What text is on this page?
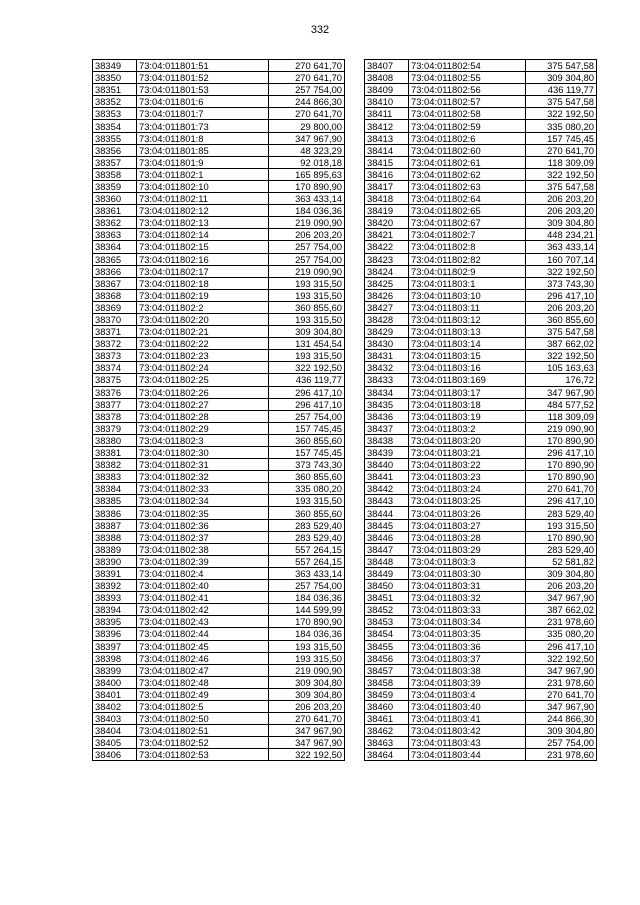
332
38349	73:04:011801:51	270 641,70
38350	73:04:011801:52	270 641,70
38351	73:04:011801:53	257 754,00
38352	73:04:011801:6	244 866,30
38353	73:04:011801:7	270 641,70
38354	73:04:011801:73	29 800,00
38355	73:04:011801:8	347 967,90
38356	73:04:011801:85	48 323,29
38357	73:04:011801:9	92 018,18
38358	73:04:011802:1	165 895,63
38359	73:04:011802:10	170 890,90
38360	73:04:011802:11	363 433,14
38361	73:04:011802:12	184 036,36
38362	73:04:011802:13	219 090,90
38363	73:04:011802:14	206 203,20
38364	73:04:011802:15	257 754,00
38365	73:04:011802:16	257 754,00
38366	73:04:011802:17	219 090,90
38367	73:04:011802:18	193 315,50
38368	73:04:011802:19	193 315,50
38369	73:04:011802:2	360 855,60
38370	73:04:011802:20	193 315,50
38371	73:04:011802:21	309 304,80
38372	73:04:011802:22	131 454,54
38373	73:04:011802:23	193 315,50
38374	73:04:011802:24	322 192,50
38375	73:04:011802:25	436 119,77
38376	73:04:011802:26	296 417,10
38377	73:04:011802:27	296 417,10
38378	73:04:011802:28	257 754,00
38379	73:04:011802:29	157 745,45
38380	73:04:011802:3	360 855,60
38381	73:04:011802:30	157 745,45
38382	73:04:011802:31	373 743,30
38383	73:04:011802:32	360 855,60
38384	73:04:011802:33	335 080,20
38385	73:04:011802:34	193 315,50
38386	73:04:011802:35	360 855,60
38387	73:04:011802:36	283 529,40
38388	73:04:011802:37	283 529,40
38389	73:04:011802:38	557 264,15
38390	73:04:011802:39	557 264,15
38391	73:04:011802:4	363 433,14
38392	73:04:011802:40	257 754,00
38393	73:04:011802:41	184 036,36
38394	73:04:011802:42	144 599,99
38395	73:04:011802:43	170 890,90
38396	73:04:011802:44	184 036,36
38397	73:04:011802:45	193 315,50
38398	73:04:011802:46	193 315,50
38399	73:04:011802:47	219 090,90
38400	73:04:011802:48	309 304,80
38401	73:04:011802:49	309 304,80
38402	73:04:011802:5	206 203,20
38403	73:04:011802:50	270 641,70
38404	73:04:011802:51	347 967,90
38405	73:04:011802:52	347 967,90
38406	73:04:011802:53	322 192,50
38407	73:04:011802:54	375 547,58
38408	73:04:011802:55	309 304,80
38409	73:04:011802:56	436 119,77
38410	73:04:011802:57	375 547,58
38411	73:04:011802:58	322 192,50
38412	73:04:011802:59	335 080,20
38413	73:04:011802:6	157 745,45
38414	73:04:011802:60	270 641,70
38415	73:04:011802:61	118 309,09
38416	73:04:011802:62	322 192,50
38417	73:04:011802:63	375 547,58
38418	73:04:011802:64	206 203,20
38419	73:04:011802:65	206 203,20
38420	73:04:011802:67	309 304,80
38421	73:04:011802:7	448 234,21
38422	73:04:011802:8	363 433,14
38423	73:04:011802:82	160 707,14
38424	73:04:011802:9	322 192,50
38425	73:04:011803:1	373 743,30
38426	73:04:011803:10	296 417,10
38427	73:04:011803:11	206 203,20
38428	73:04:011803:12	360 855,60
38429	73:04:011803:13	375 547,58
38430	73:04:011803:14	387 662,02
38431	73:04:011803:15	322 192,50
38432	73:04:011803:16	105 163,63
38433	73:04:011803:169	176,72
38434	73:04:011803:17	347 967,90
38435	73:04:011803:18	484 577,52
38436	73:04:011803:19	118 309,09
38437	73:04:011803:2	219 090,90
38438	73:04:011803:20	170 890,90
38439	73:04:011803:21	296 417,10
38440	73:04:011803:22	170 890,90
38441	73:04:011803:23	170 890,90
38442	73:04:011803:24	270 641,70
38443	73:04:011803:25	296 417,10
38444	73:04:011803:26	283 529,40
38445	73:04:011803:27	193 315,50
38446	73:04:011803:28	170 890,90
38447	73:04:011803:29	283 529,40
38448	73:04:011803:3	52 581,82
38449	73:04:011803:30	309 304,80
38450	73:04:011803:31	206 203,20
38451	73:04:011803:32	347 967,90
38452	73:04:011803:33	387 662,02
38453	73:04:011803:34	231 978,60
38454	73:04:011803:35	335 080,20
38455	73:04:011803:36	296 417,10
38456	73:04:011803:37	322 192,50
38457	73:04:011803:38	347 967,90
38458	73:04:011803:39	231 978,60
38459	73:04:011803:4	270 641,70
38460	73:04:011803:40	347 967,90
38461	73:04:011803:41	244 866,30
38462	73:04:011803:42	309 304,80
38463	73:04:011803:43	257 754,00
38464	73:04:011803:44	231 978,60
